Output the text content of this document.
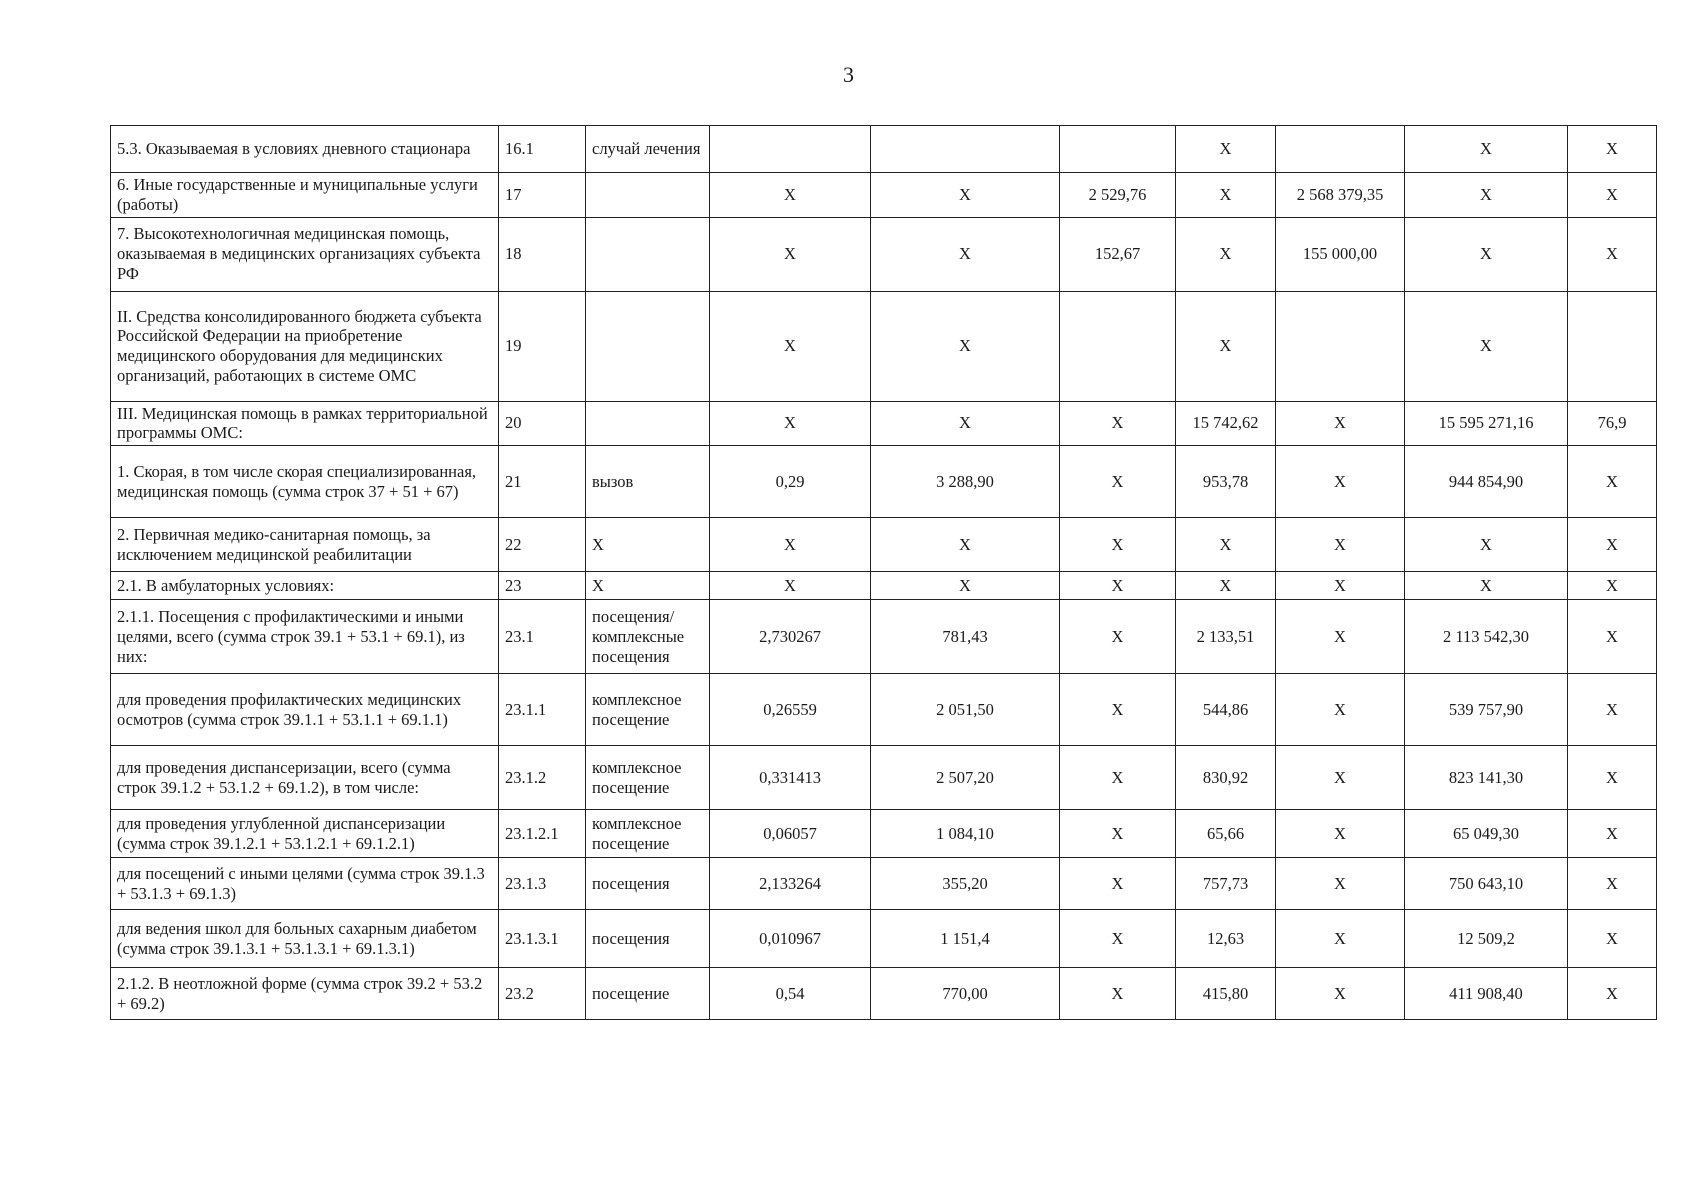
3
5.3. Оказываемая в условиях дневного стационара	16.1	случай лечения				X		X	X
6. Иные государственные и муниципальные услуги (работы)	17		X	X	2 529,76	X	2 568 379,35	X	X
7. Высокотехнологичная медицинская помощь, оказываемая в медицинских организациях субъекта РФ	18		X	X	152,67	X	155 000,00	X	X
II. Средства консолидированного бюджета субъекта Российской Федерации на приобретение медицинского оборудования для медицинских организаций, работающих в системе ОМС	19		X	X		X		X	
III. Медицинская помощь в рамках территориальной программы ОМС:	20		X	X	X	15 742,62	X	15 595 271,16	76,9
1. Скорая, в том числе скорая специализированная, медицинская помощь (сумма строк 37 + 51 + 67)	21	вызов	0,29	3 288,90	X	953,78	X	944 854,90	X
2. Первичная медико-санитарная помощь, за исключением медицинской реабилитации	22	X	X	X	X	X	X	X	X
2.1. В амбулаторных условиях:	23	X	X	X	X	X	X	X	X
2.1.1. Посещения с профилактическими и иными целями, всего (сумма строк 39.1 + 53.1 + 69.1), из них:	23.1	посещения/ комплексные посещения	2,730267	781,43	X	2 133,51	X	2 113 542,30	X
для проведения профилактических медицинских осмотров (сумма строк 39.1.1 + 53.1.1 + 69.1.1)	23.1.1	комплексное посещение	0,26559	2 051,50	X	544,86	X	539 757,90	X
для проведения диспансеризации, всего (сумма строк 39.1.2 + 53.1.2 + 69.1.2), в том числе:	23.1.2	комплексное посещение	0,331413	2 507,20	X	830,92	X	823 141,30	X
для проведения углубленной диспансеризации (сумма строк 39.1.2.1 + 53.1.2.1 + 69.1.2.1)	23.1.2.1	комплексное посещение	0,06057	1 084,10	X	65,66	X	65 049,30	X
для посещений с иными целями (сумма строк 39.1.3 + 53.1.3 + 69.1.3)	23.1.3	посещения	2,133264	355,20	X	757,73	X	750 643,10	X
для ведения школ для больных сахарным диабетом (сумма строк 39.1.3.1 + 53.1.3.1 + 69.1.3.1)	23.1.3.1	посещения	0,010967	1 151,4	X	12,63	X	12 509,2	X
2.1.2. В неотложной форме (сумма строк 39.2 + 53.2 + 69.2)	23.2	посещение	0,54	770,00	X	415,80	X	411 908,40	X
